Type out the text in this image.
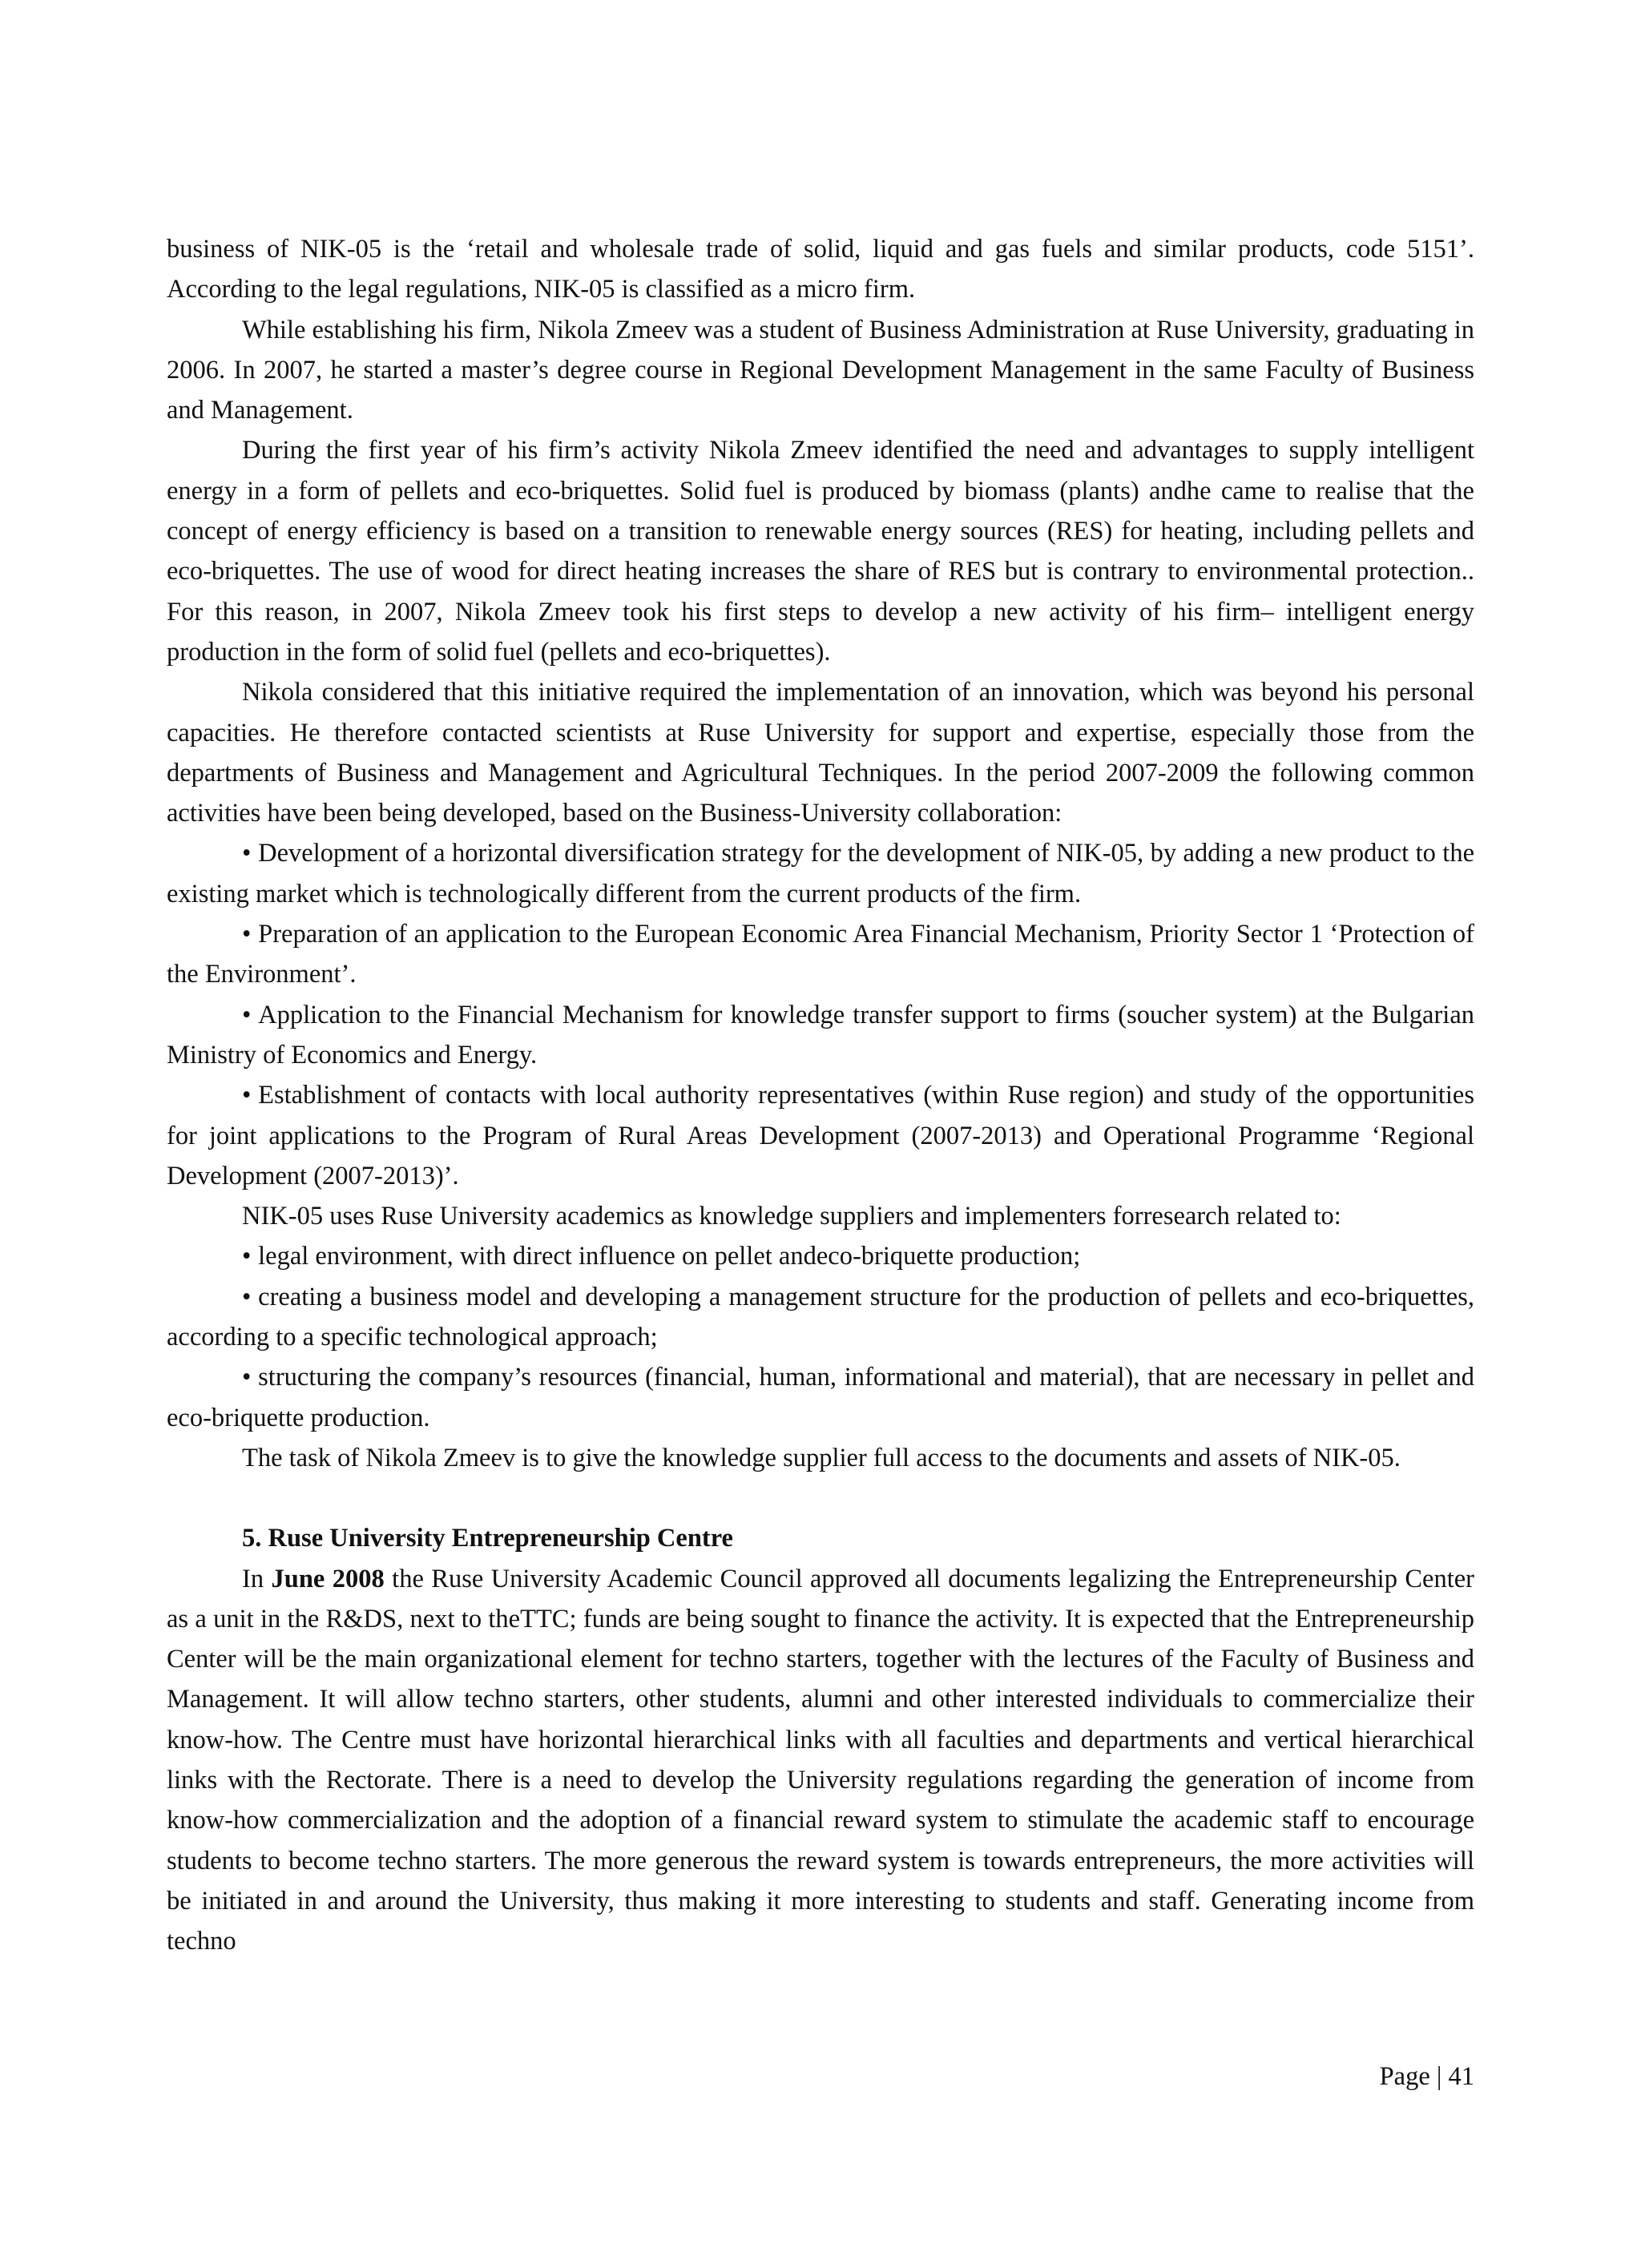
business of NIK-05 is the ‘retail and wholesale trade of solid, liquid and gas fuels and similar products, code 5151’. According to the legal regulations, NIK-05 is classified as a micro firm.

While establishing his firm, Nikola Zmeev was a student of Business Administration at Ruse University, graduating in 2006. In 2007, he started a master’s degree course in Regional Development Management in the same Faculty of Business and Management.

During the first year of his firm’s activity Nikola Zmeev identified the need and advantages to supply intelligent energy in a form of pellets and eco-briquettes. Solid fuel is produced by biomass (plants) andhe came to realise that the concept of energy efficiency is based on a transition to renewable energy sources (RES) for heating, including pellets and eco-briquettes. The use of wood for direct heating increases the share of RES but is contrary to environmental protection.. For this reason, in 2007, Nikola Zmeev took his first steps to develop a new activity of his firm– intelligent energy production in the form of solid fuel (pellets and eco-briquettes).

Nikola considered that this initiative required the implementation of an innovation, which was beyond his personal capacities. He therefore contacted scientists at Ruse University for support and expertise, especially those from the departments of Business and Management and Agricultural Techniques. In the period 2007-2009 the following common activities have been being developed, based on the Business-University collaboration:

• Development of a horizontal diversification strategy for the development of NIK-05, by adding a new product to the existing market which is technologically different from the current products of the firm.

• Preparation of an application to the European Economic Area Financial Mechanism, Priority Sector 1 ‘Protection of the Environment’.

• Application to the Financial Mechanism for knowledge transfer support to firms (soucher system) at the Bulgarian Ministry of Economics and Energy.

• Establishment of contacts with local authority representatives (within Ruse region) and study of the opportunities for joint applications to the Program of Rural Areas Development (2007-2013) and Operational Programme ‘Regional Development (2007-2013)’.

NIK-05 uses Ruse University academics as knowledge suppliers and implementers forresearch related to:

• legal environment, with direct influence on pellet andeco-briquette production;

• creating a business model and developing a management structure for the production of pellets and eco-briquettes, according to a specific technological approach;

• structuring the company’s resources (financial, human, informational and material), that are necessary in pellet and eco-briquette production.

The task of Nikola Zmeev is to give the knowledge supplier full access to the documents and assets of NIK-05.

5. Ruse University Entrepreneurship Centre

In June 2008 the Ruse University Academic Council approved all documents legalizing the Entrepreneurship Center as a unit in the R&DS, next to theTTC; funds are being sought to finance the activity. It is expected that the Entrepreneurship Center will be the main organizational element for techno starters, together with the lectures of the Faculty of Business and Management. It will allow techno starters, other students, alumni and other interested individuals to commercialize their know-how. The Centre must have horizontal hierarchical links with all faculties and departments and vertical hierarchical links with the Rectorate. There is a need to develop the University regulations regarding the generation of income from know-how commercialization and the adoption of a financial reward system to stimulate the academic staff to encourage students to become techno starters. The more generous the reward system is towards entrepreneurs, the more activities will be initiated in and around the University, thus making it more interesting to students and staff. Generating income from techno

Page | 41
